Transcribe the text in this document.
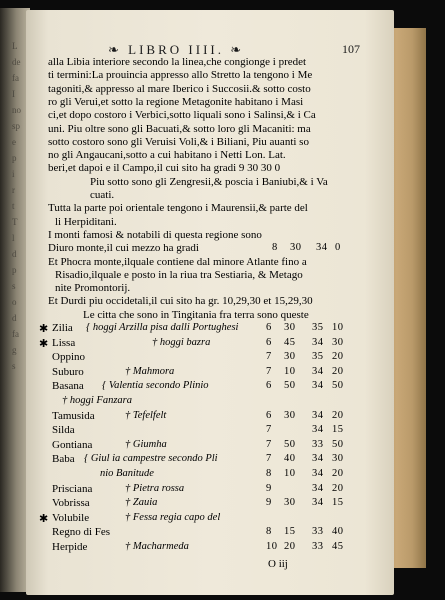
L
de
fa
I
no
sp
e
p
i
r
t
T
l
d
p
s
o
d
fa
g
s
❧ LIBRO IIII. ❧	107
alla Libia interiore secondo la linea,che congionge i predet
ti termini:La prouincia appresso allo Stretto la tengono i Me
tagoniti,& appresso al mare Iberico i Succosii.& sotto costo
ro gli Verui,et sotto la regione Metagonite habitano i Masi
ci,et dopo costoro i Verbici,sotto liquali sono i Salinsi,& i Ca
uni. Piu oltre sono gli Bacuati,& sotto loro gli Macaniti: ma
sotto costoro sono gli Veruisi Voli,& i Biliani, Piu auanti so
no gli Angaucani,sotto a cui habitano i Netti Lon. Lat.
beri,et dapoi e il Campo,il cui sito ha gradi 9 30 30 0
Piu sotto sono gli Zengresii,& poscia i Baniubi,& i Va
cuati.
Tutta la parte poi orientale tengono i Maurensii,& parte del
li Herpiditani.
I monti famosi & notabili di questa regione sono
Diuro monte,il cui mezzo ha gradi	8 30 34 0
Et Phocra monte,ilquale contiene dal minore Atlante fino a
Risadio,ilquale e posto in la riua tra Sestiaria, & Metago
nite Promontorij.
Et Durdi piu occidetali,il cui sito ha gr. 10,29,30 et 15,29,30
Le citta che sono in Tingitania fra terra sono queste
✱ Zilia { hoggi Arzilla pisa dalli Portughesi	6 30 35 10
✱ Lissa	† hoggi bazra	6 45 34 30
Oppino	7 30 35 20
Suburo	† Mahmora	7 10 34 20
Basana { Valentia secondo Plinio	6 50 34 50
† hoggi Fanzara
Tamusida	† Tefelfelt	6 30 34 20
Silda	7	34 15
Gontiana	† Giumha	7 50 33 50
Baba { Giul ia campestre secondo Pli	7 40 34 30
nio Banitude	8 10 34 20
Prisciana	† Pietra rossa	9	34 20
Vobrissa	† Zauia	9 30 34 15
✱ Volubile	† Fessa regia capo del
Regno di Fes	8 15 33 40
Herpide	† Macharmeda	10 20 33 45
O iij
